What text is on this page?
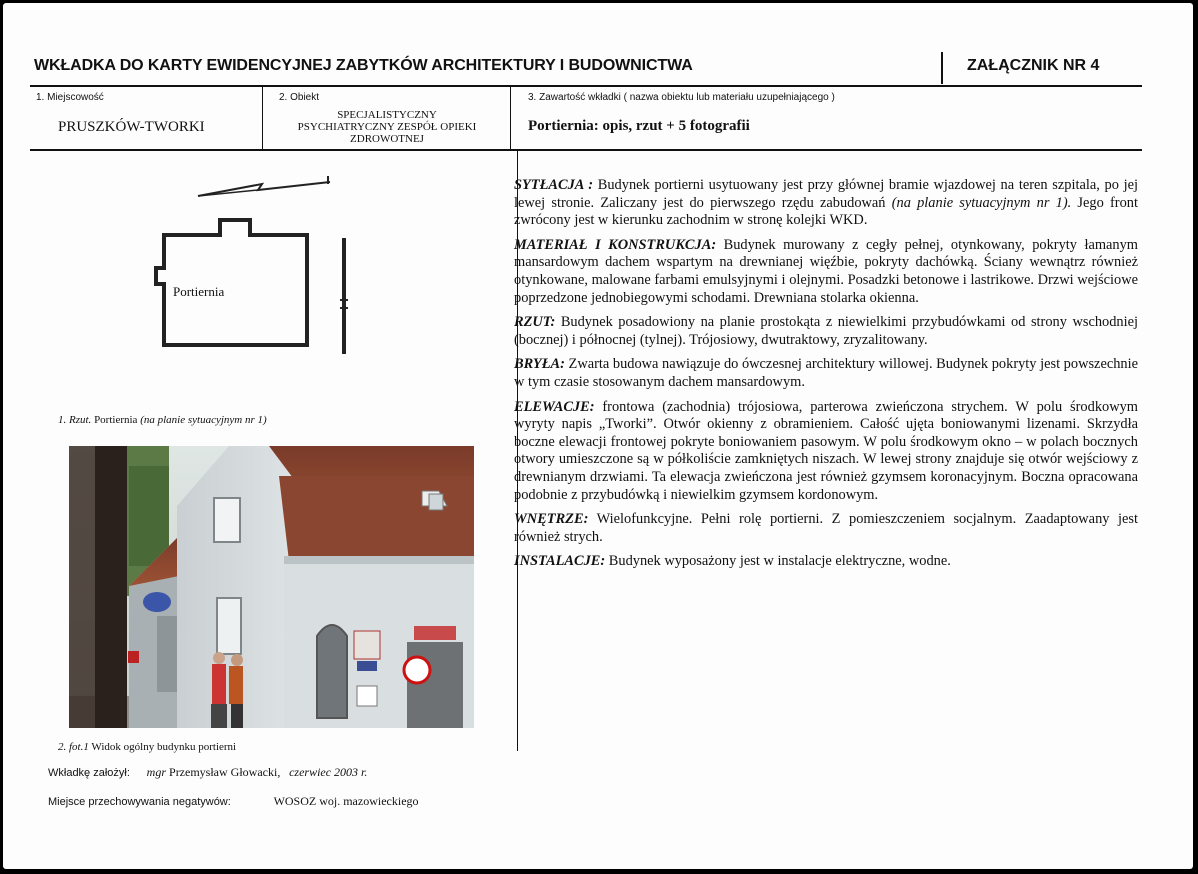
WKŁADKA DO KARTY EWIDENCYJNEJ ZABYTKÓW ARCHITEKTURY I BUDOWNICTWA	ZAŁĄCZNIK NR 4
1. Miejscowość
PRUSZKÓW-TWORKI
2. Obiekt
SPECJALISTYCZNY
PSYCHIATRYCZNY ZESPÓŁ OPIEKI
ZDROWOTNEJ
3. Zawartość wkładki ( nazwa obiektu lub materiału uzupełniającego )
Portiernia: opis, rzut + 5 fotografii
Portiernia
1. Rzut. Portiernia (na planie sytuacyjnym nr 1)
2. fot.1 Widok ogólny budynku portierni

SYTŁACJA : Budynek portierni usytuowany jest przy głównej bramie wjazdowej na teren szpitala, po jej lewej stronie. Zaliczany jest do pierwszego rzędu zabudowań (na planie sytuacyjnym nr 1). Jego front zwrócony jest w kierunku zachodnim w stronę kolejki WKD.

MATERIAŁ I KONSTRUKCJA: Budynek murowany z cegły pełnej, otynkowany, pokryty łamanym mansardowym dachem wspartym na drewnianej więźbie, pokryty dachówką. Ściany wewnątrz również otynkowane, malowane farbami emulsyjnymi i olejnymi. Posadzki betonowe i lastrikowe. Drzwi wejściowe poprzedzone jednobiegowymi schodami. Drewniana stolarka okienna.

RZUT: Budynek posadowiony na planie prostokąta z niewielkimi przybudówkami od strony wschodniej (bocznej) i północnej (tylnej). Trójosiowy, dwutraktowy, zryzalitowany.

BRYŁA: Zwarta budowa nawiązuje do ówczesnej architektury willowej. Budynek pokryty jest powszechnie w tym czasie stosowanym dachem mansardowym.

ELEWACJE: frontowa (zachodnia) trójosiowa, parterowa zwieńczona strychem. W polu środkowym wyryty napis „Tworki”. Otwór okienny z obramieniem. Całość ujęta boniowanymi lizenami. Skrzydła boczne elewacji frontowej pokryte boniowaniem pasowym. W polu środkowym okno – w polach bocznych otwory umieszczone są w półkoliście zamkniętych niszach. W lewej strony znajduje się otwór wejściowy z drewnianym drzwiami. Ta elewacja zwieńczona jest również gzymsem koronacyjnym. Boczna opracowana podobnie z przybudówką i niewielkim gzymsem kordonowym.

WNĘTRZE: Wielofunkcyjne. Pełni rolę portierni. Z pomieszczeniem socjalnym. Zaadaptowany jest również strych.

INSTALACJE: Budynek wyposażony jest w instalacje elektryczne, wodne.

Wkładkę założył: mgr Przemysław Głowacki, czerwiec 2003 r.
Miejsce przechowywania negatywów:	WOSOZ woj. mazowieckiego
